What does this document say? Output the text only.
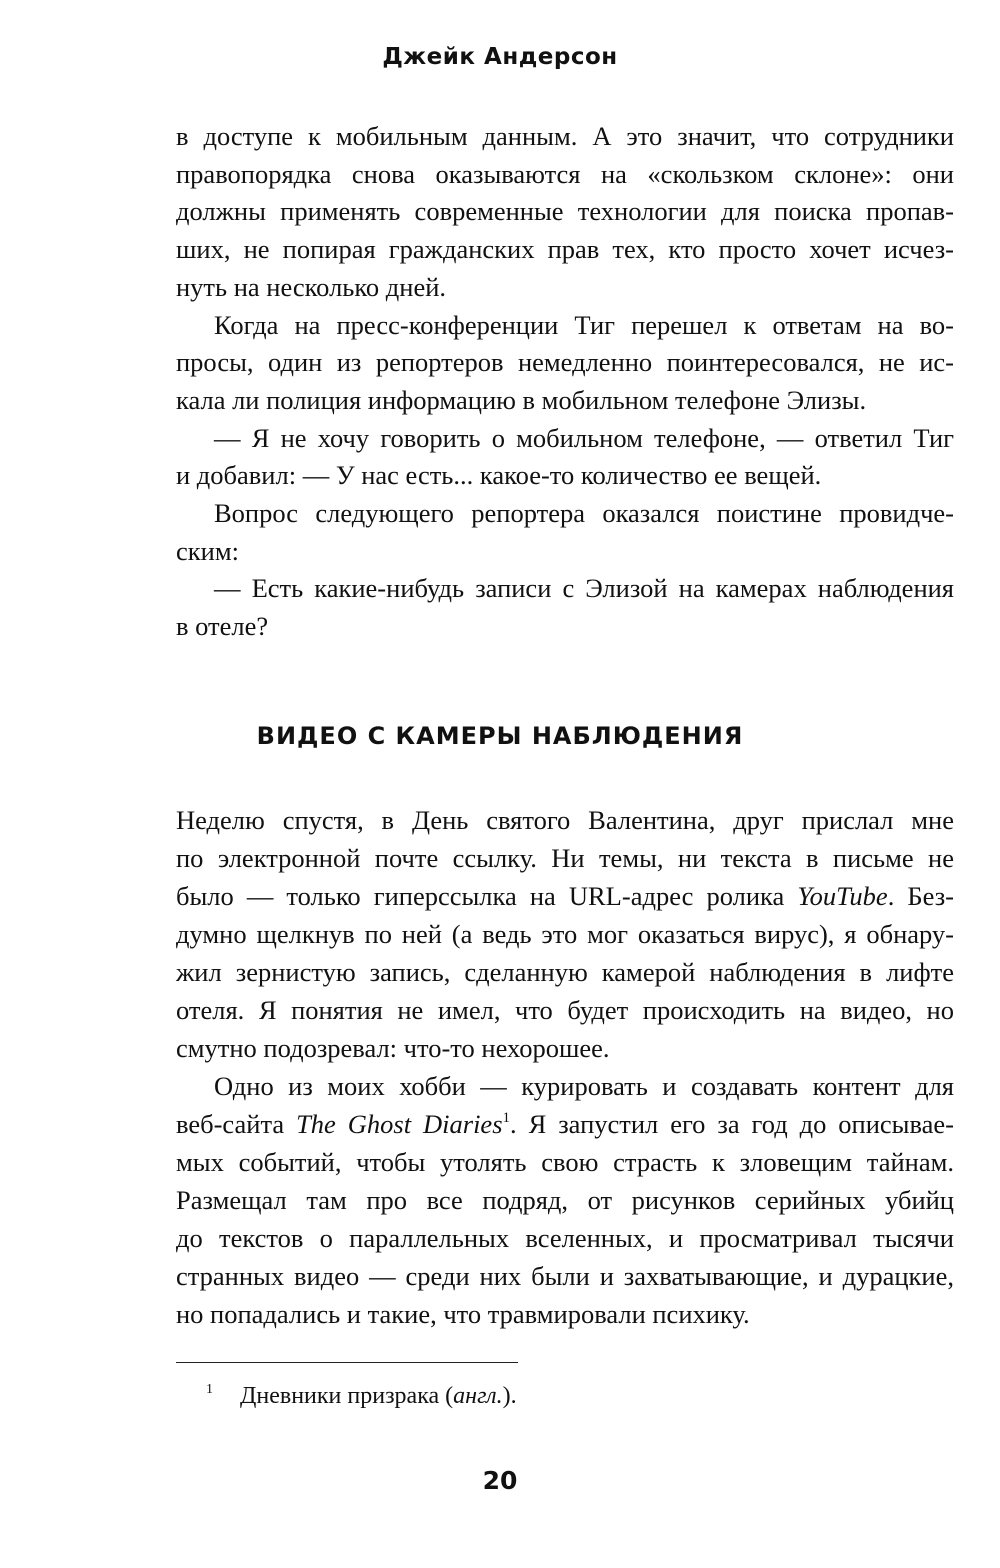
Джейк Андерсон
в доступе к мобильным данным. А это значит, что сотрудники
правопорядка снова оказываются на «скользком склоне»: они
должны применять современные технологии для поиска пропав-
ших, не попирая гражданских прав тех, кто просто хочет исчез-
нуть на несколько дней.
Когда на пресс-конференции Тиг перешел к ответам на во-
просы, один из репортеров немедленно поинтересовался, не ис-
кала ли полиция информацию в мобильном телефоне Элизы.
— Я не хочу говорить о мобильном телефоне, — ответил Тиг
и добавил: — У нас есть... какое-то количество ее вещей.
Вопрос следующего репортера оказался поистине провидче-
ским:
— Есть какие-нибудь записи с Элизой на камерах наблюдения
в отеле?
ВИДЕО С КАМЕРЫ НАБЛЮДЕНИЯ
Неделю спустя, в День святого Валентина, друг прислал мне
по электронной почте ссылку. Ни темы, ни текста в письме не
было — только гиперссылка на URL-адрес ролика YouTube. Без-
думно щелкнув по ней (а ведь это мог оказаться вирус), я обнару-
жил зернистую запись, сделанную камерой наблюдения в лифте
отеля. Я понятия не имел, что будет происходить на видео, но
смутно подозревал: что-то нехорошее.
Одно из моих хобби — курировать и создавать контент для
веб-сайта The Ghost Diaries$^1$. Я запустил его за год до описывае-
мых событий, чтобы утолять свою страсть к зловещим тайнам.
Размещал там про все подряд, от рисунков серийных убийц
до текстов о параллельных вселенных, и просматривал тысячи
странных видео — среди них были и захватывающие, и дурацкие,
но попадались и такие, что травмировали психику.
1 Дневники призрака (англ.).
20
